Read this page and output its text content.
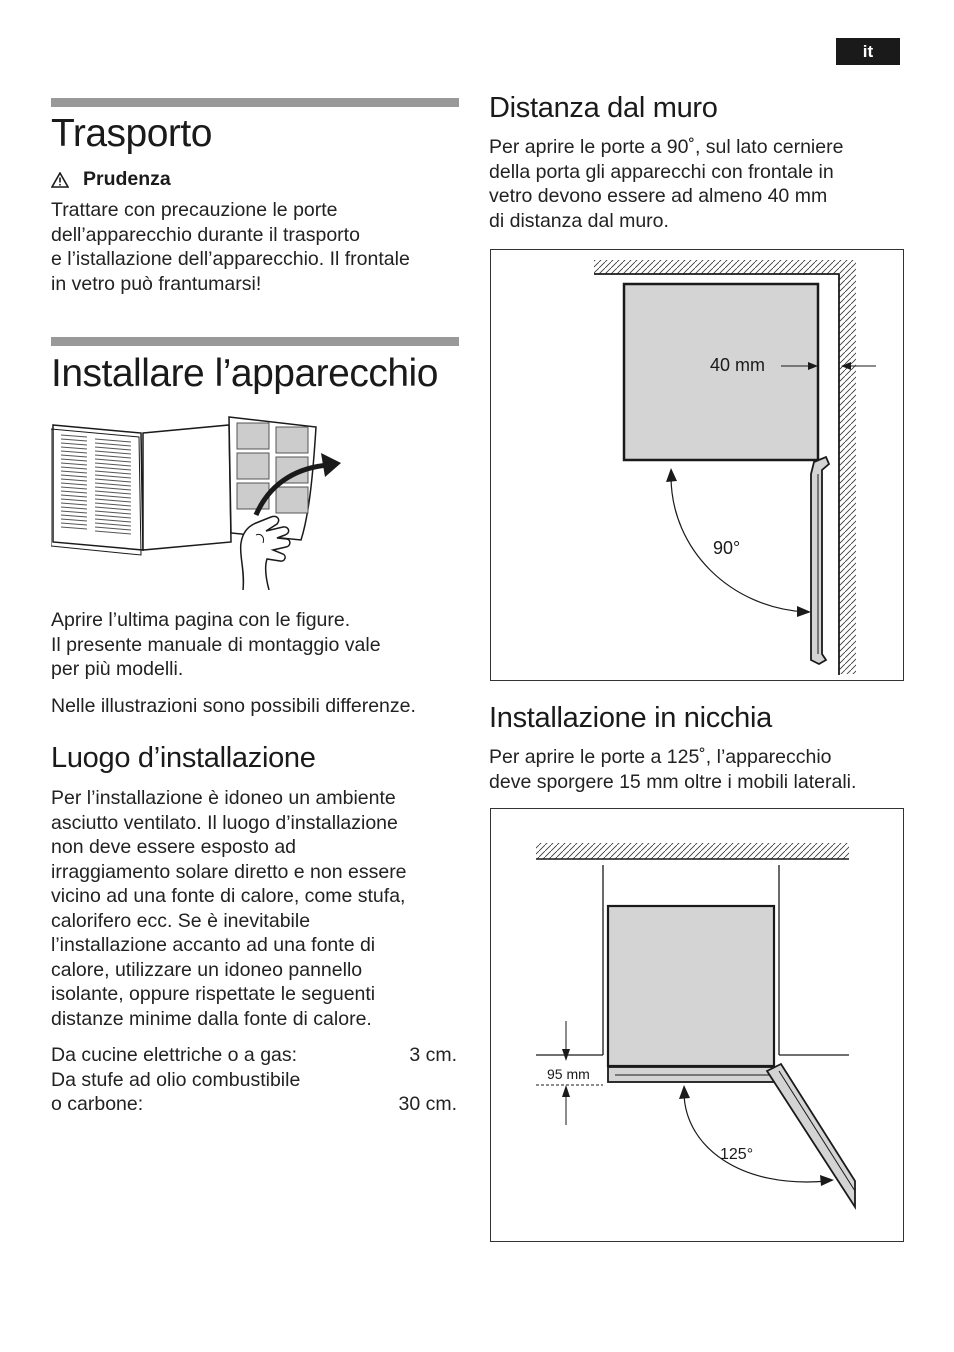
it
Trasporto
Prudenza

Trattare con precauzione le porte

dell’apparecchio durante il trasporto

e l’istallazione dell’apparecchio. Il frontale

in vetro può frantumarsi!

Installare l’apparecchio

Aprire l’ultima pagina con le figure.

Il presente manuale di montaggio vale

per più modelli.

Nelle illustrazioni sono possibili differenze.

Luogo d’installazione

Per l’installazione è idoneo un ambiente

asciutto ventilato. Il luogo d’installazione

non deve essere esposto ad

irraggiamento solare diretto e non essere

vicino ad una fonte di calore, come stufa,

calorifero ecc. Se è inevitabile

l’installazione accanto ad una fonte di

calore, utilizzare un idoneo pannello

isolante, oppure rispettate le seguenti

distanze minime dalla fonte di calore.

Da cucine elettriche o a gas:	3 cm.
Da stufe ad olio combustibile
o carbone:	30 cm.
Distanza dal muro

Per aprire le porte a 90˚, sul lato cerniere

della porta gli apparecchi con frontale in

vetro devono essere ad almeno 40 mm

di distanza dal muro.

40 mm
90°
Installazione in nicchia

Per aprire le porte a 125˚, l’apparecchio

deve sporgere 15 mm oltre i mobili laterali.

95 mm
125°
